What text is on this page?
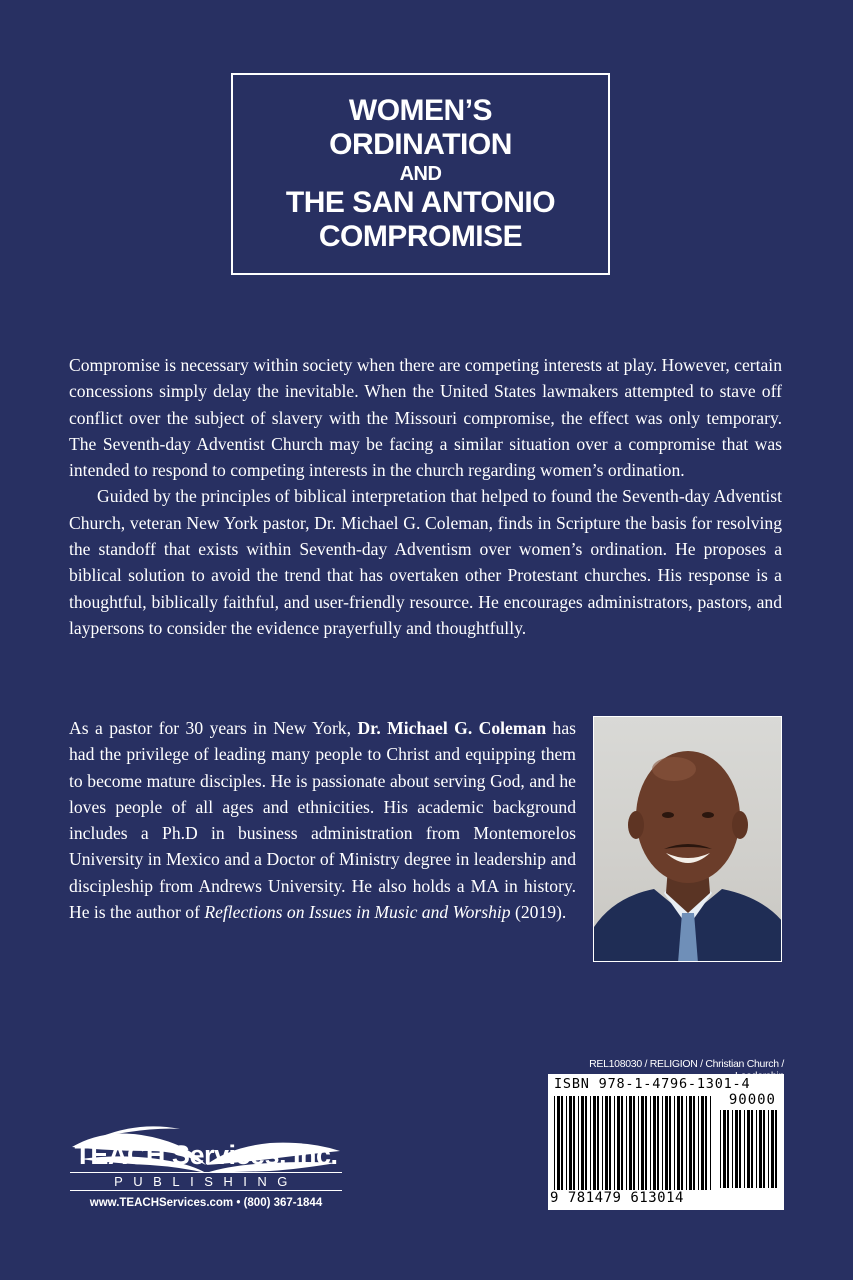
WOMEN’S
ORDINATION
AND
THE SAN ANTONIO
COMPROMISE

Compromise is necessary within society when there are competing interests at play. However, certain concessions simply delay the inevitable. When the United States lawmakers attempted to stave off conflict over the subject of slavery with the Missouri compromise, the effect was only temporary. The Seventh-day Adventist Church may be facing a similar situation over a compromise that was intended to respond to competing interests in the church regarding women’s ordination.

Guided by the principles of biblical interpretation that helped to found the Seventh-day Adventist Church, veteran New York pastor, Dr. Michael G. Coleman, finds in Scripture the basis for resolving the standoff that exists within Seventh-day Adventism over women’s ordination. He proposes a biblical solution to avoid the trend that has overtaken other Protestant churches. His response is a thoughtful, biblically faithful, and user-friendly resource. He encourages administrators, pastors, and laypersons to consider the evidence prayerfully and thoughtfully.

As a pastor for 30 years in New York, Dr. Michael G. Coleman has had the privilege of leading many people to Christ and equipping them to become mature disciples. He is passionate about serving God, and he loves people of all ages and ethnicities. His academic background includes a Ph.D in business administration from Montemorelos University in Mexico and a Doctor of Ministry degree in leadership and discipleship from Andrews University. He also holds a MA in history. He is the author of Reflections on Issues in Music and Worship (2019).
TEACH Services, Inc.
PUBLISHING
www.TEACHServices.com • (800) 367-1844
REL108030 / RELIGION / Christian Church /
ISBN 978-1-4796-1301-4
90000
9 781479 613014
